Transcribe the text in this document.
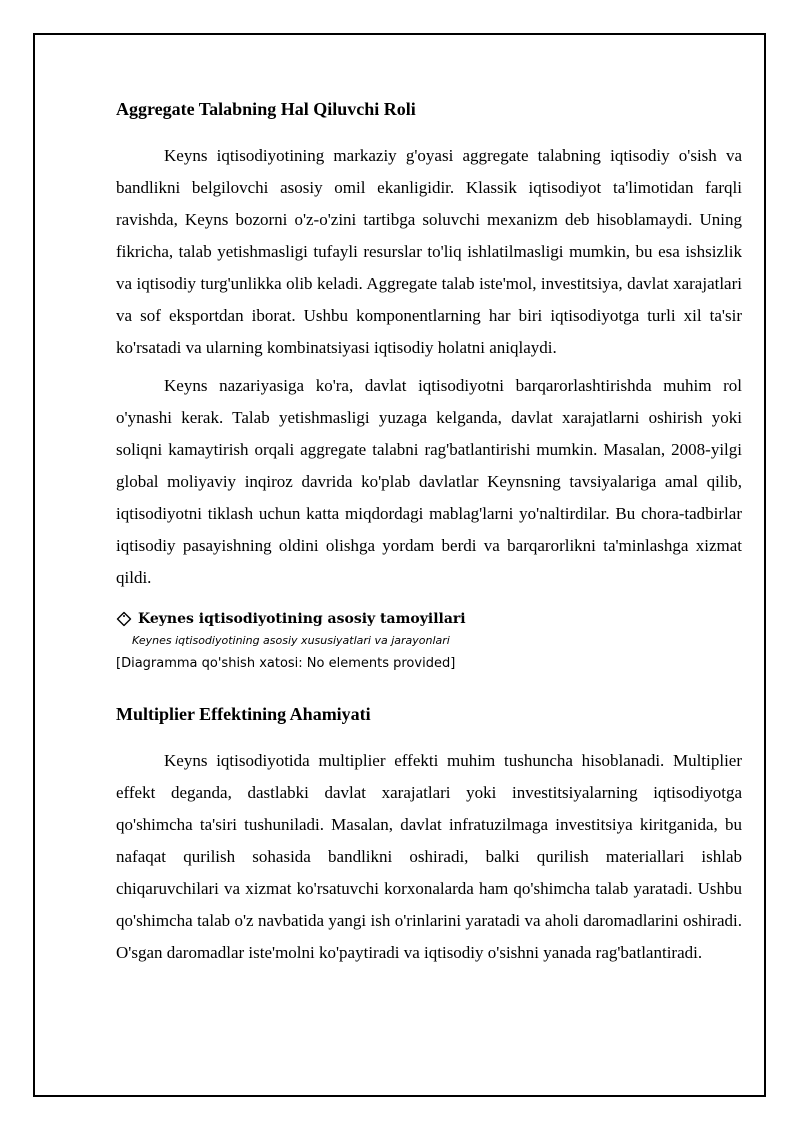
Aggregate Talabning Hal Qiluvchi Roli

Keyns iqtisodiyotining markaziy g'oyasi aggregate talabning iqtisodiy o'sish va bandlikni belgilovchi asosiy omil ekanligidir. Klassik iqtisodiyot ta'limotidan farqli ravishda, Keyns bozorni o'z-o'zini tartibga soluvchi mexanizm deb hisoblamaydi. Uning fikricha, talab yetishmasligi tufayli resurslar to'liq ishlatilmasligi mumkin, bu esa ishsizlik va iqtisodiy turg'unlikka olib keladi. Aggregate talab iste'mol, investitsiya, davlat xarajatlari va sof eksportdan iborat. Ushbu komponentlarning har biri iqtisodiyotga turli xil ta'sir ko'rsatadi va ularning kombinatsiyasi iqtisodiy holatni aniqlaydi.

Keyns nazariyasiga ko'ra, davlat iqtisodiyotni barqarorlashtirishda muhim rol o'ynashi kerak. Talab yetishmasligi yuzaga kelganda, davlat xarajatlarni oshirish yoki soliqni kamaytirish orqali aggregate talabni rag'batlantirishi mumkin. Masalan, 2008-yilgi global moliyaviy inqiroz davrida ko'plab davlatlar Keynsning tavsiyalariga amal qilib, iqtisodiyotni tiklash uchun katta miqdordagi mablag'larni yo'naltirdilar. Bu chora-tadbirlar iqtisodiy pasayishning oldini olishga yordam berdi va barqarorlikni ta'minlashga xizmat qildi.

Keynes iqtisodiyotining asosiy tamoyillari
Keynes iqtisodiyotining asosiy xususiyatlari va jarayonlari
[Diagramma qo'shish xatosi: No elements provided]
Multiplier Effektining Ahamiyati

Keyns iqtisodiyotida multiplier effekti muhim tushuncha hisoblanadi. Multiplier effekt deganda, dastlabki davlat xarajatlari yoki investitsiyalarning iqtisodiyotga qo'shimcha ta'siri tushuniladi. Masalan, davlat infratuzilmaga investitsiya kiritganida, bu nafaqat qurilish sohasida bandlikni oshiradi, balki qurilish materiallari ishlab chiqaruvchilari va xizmat ko'rsatuvchi korxonalarda ham qo'shimcha talab yaratadi. Ushbu qo'shimcha talab o'z navbatida yangi ish o'rinlarini yaratadi va aholi daromadlarini oshiradi. O'sgan daromadlar iste'molni ko'paytiradi va iqtisodiy o'sishni yanada rag'batlantiradi.
